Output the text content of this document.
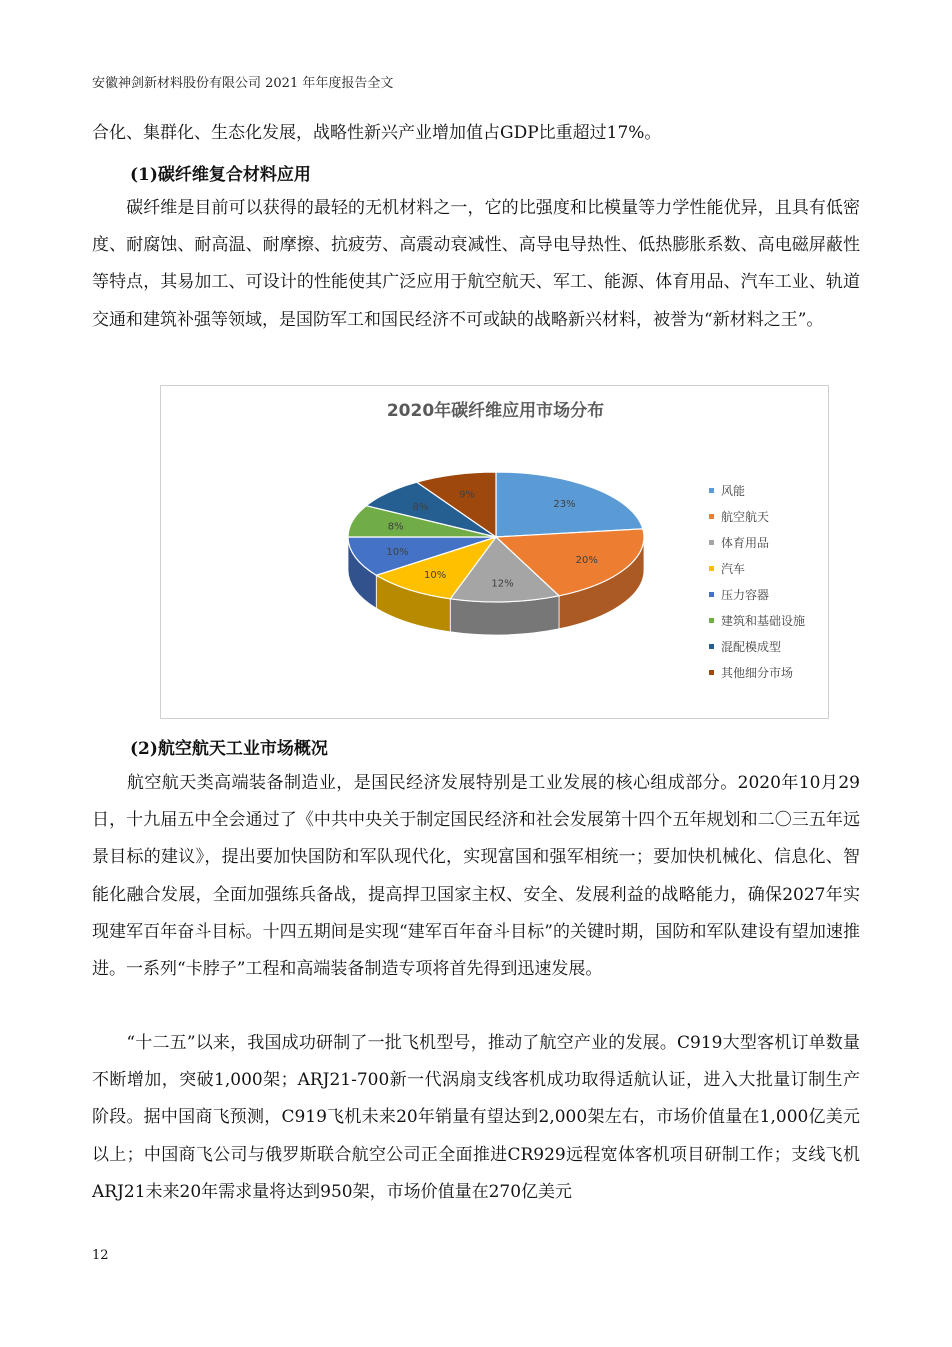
安徽神剑新材料股份有限公司 2021 年年度报告全文

合化、集群化、生态化发展，战略性新兴产业增加值占GDP比重超过17%。

(1)碳纤维复合材料应用

　　碳纤维是目前可以获得的最轻的无机材料之一，它的比强度和比模量等力学性能优异，且具有低密度、耐腐蚀、耐高温、耐摩擦、抗疲劳、高震动衰减性、高导电导热性、低热膨胀系数、高电磁屏蔽性等特点，其易加工、可设计的性能使其广泛应用于航空航天、军工、能源、体育用品、汽车工业、轨道交通和建筑补强等领域，是国防军工和国民经济不可或缺的战略新兴材料，被誉为“新材料之王”。

2020年碳纤维应用市场分布
23%
20%
12%
10%
10%
8%
8%
9%	风能
航空航天
体育用品
汽车
压力容器
建筑和基础设施
混配模成型
其他细分市场

(2)航空航天工业市场概况

　　航空航天类高端装备制造业，是国民经济发展特别是工业发展的核心组成部分。2020年10月29日，十九届五中全会通过了《中共中央关于制定国民经济和社会发展第十四个五年规划和二〇三五年远景目标的建议》，提出要加快国防和军队现代化，实现富国和强军相统一；要加快机械化、信息化、智能化融合发展，全面加强练兵备战，提高捍卫国家主权、安全、发展利益的战略能力，确保2027年实现建军百年奋斗目标。十四五期间是实现“建军百年奋斗目标”的关键时期，国防和军队建设有望加速推进。一系列“卡脖子”工程和高端装备制造专项将首先得到迅速发展。

　　“十二五”以来，我国成功研制了一批飞机型号，推动了航空产业的发展。C919大型客机订单数量不断增加，突破1,000架；ARJ21-700新一代涡扇支线客机成功取得适航认证，进入大批量订制生产阶段。据中国商飞预测，C919飞机未来20年销量有望达到2,000架左右，市场价值量在1,000亿美元以上；中国商飞公司与俄罗斯联合航空公司正全面推进CR929远程宽体客机项目研制工作；支线飞机ARJ21未来20年需求量将达到950架，市场价值量在270亿美元

12
